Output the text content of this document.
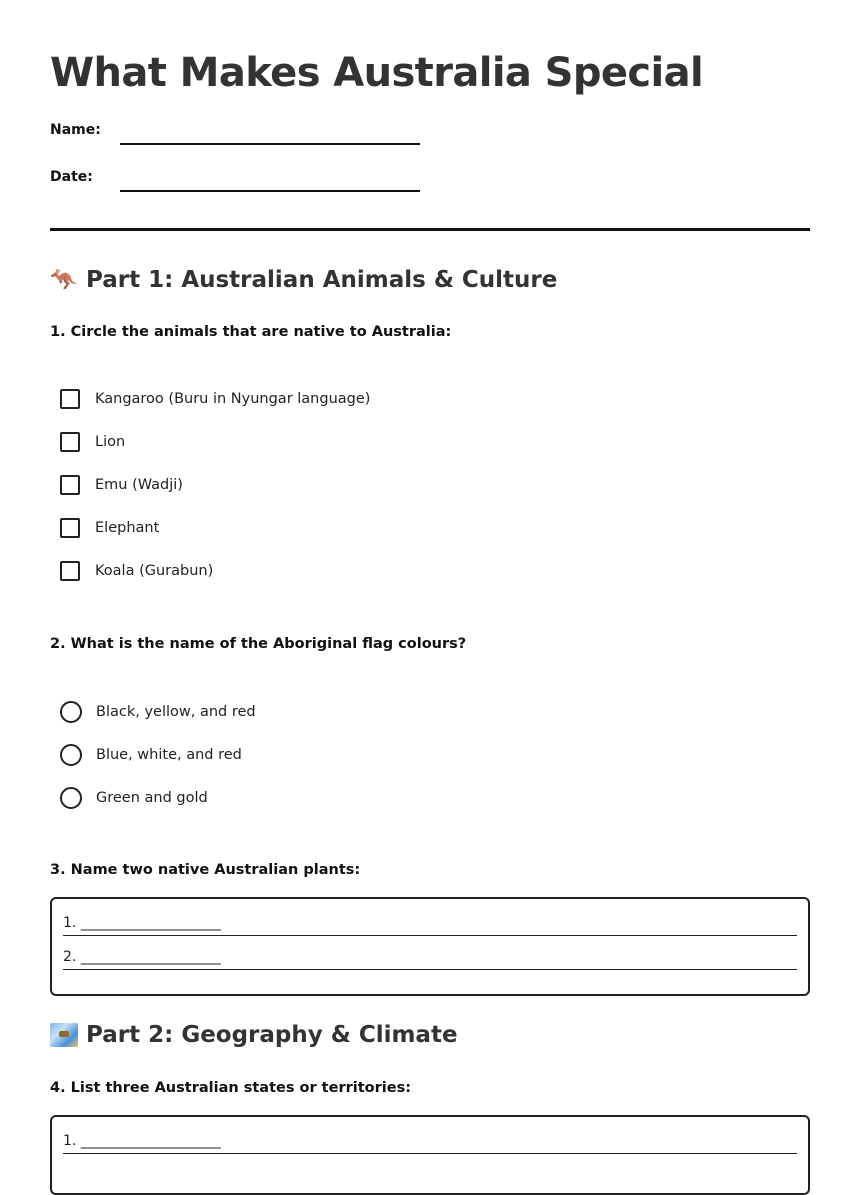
What Makes Australia Special
Name:
Date:
🦘 Part 1: Australian Animals & Culture
1. Circle the animals that are native to Australia:
Kangaroo (Buru in Nyungar language)
Lion
Emu (Wadji)
Elephant
Koala (Gurabun)
2. What is the name of the Aboriginal flag colours?
Black, yellow, and red
Blue, white, and red
Green and gold
3. Name two native Australian plants:
1. ____________________
2. ____________________
Part 2: Geography & Climate
4. List three Australian states or territories:
1. ____________________
